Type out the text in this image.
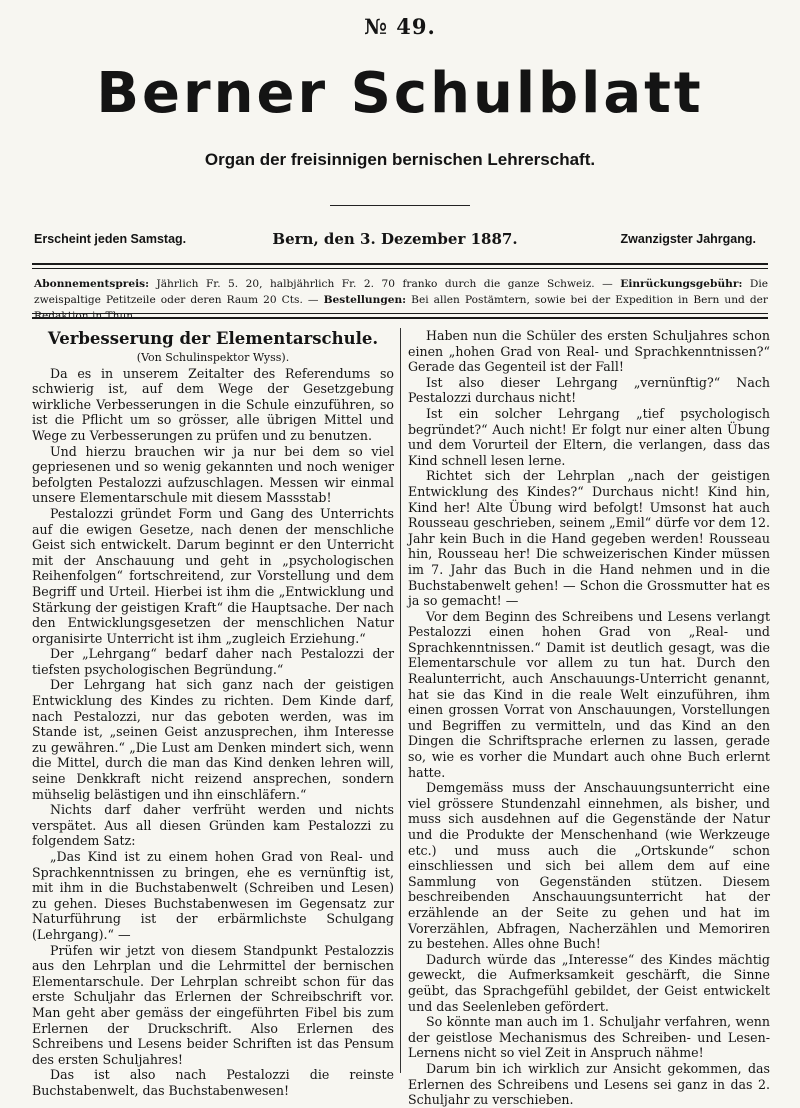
№ 49.
Berner Schulblatt
Organ der freisinnigen bernischen Lehrerschaft.
Erscheint jeden Samstag.	Bern, den 3. Dezember 1887.	Zwanzigster Jahrgang.
Abonnementspreis: Jährlich Fr. 5. 20, halbjährlich Fr. 2. 70 franko durch die ganze Schweiz. — Einrückungsgebühr: Die zweispaltige Petitzeile oder deren Raum 20 Cts. — Bestellungen: Bei allen Postämtern, sowie bei der Expedition in Bern und der Redaktion in Thun

Verbesserung der Elementarschule.

(Von Schulinspektor Wyss).

Da es in unserem Zeitalter des Referendums so schwierig ist, auf dem Wege der Gesetzgebung wirkliche Verbesserungen in die Schule einzuführen, so ist die Pflicht um so grösser, alle übrigen Mittel und Wege zu Verbesserungen zu prüfen und zu benutzen.

Und hierzu brauchen wir ja nur bei dem so viel gepriesenen und so wenig gekannten und noch weniger befolgten Pestalozzi aufzuschlagen. Messen wir einmal unsere Elementarschule mit diesem Massstab!

Pestalozzi gründet Form und Gang des Unterrichts auf die ewigen Gesetze, nach denen der menschliche Geist sich entwickelt. Darum beginnt er den Unterricht mit der Anschauung und geht in „psychologischen Reihenfolgen“ fortschreitend, zur Vorstellung und dem Begriff und Urteil. Hierbei ist ihm die „Entwicklung und Stärkung der geistigen Kraft“ die Hauptsache. Der nach den Entwicklungsgesetzen der menschlichen Natur organisirte Unterricht ist ihm „zugleich Erziehung.“

Der „Lehrgang“ bedarf daher nach Pestalozzi der tiefsten psychologischen Begründung.“

Der Lehrgang hat sich ganz nach der geistigen Entwicklung des Kindes zu richten. Dem Kinde darf, nach Pestalozzi, nur das geboten werden, was im Stande ist, „seinen Geist anzusprechen, ihm Interesse zu gewähren.“ „Die Lust am Denken mindert sich, wenn die Mittel, durch die man das Kind denken lehren will, seine Denkkraft nicht reizend ansprechen, sondern mühselig belästigen und ihn einschläfern.“

Nichts darf daher verfrüht werden und nichts verspätet. Aus all diesen Gründen kam Pestalozzi zu folgendem Satz:

„Das Kind ist zu einem hohen Grad von Real- und Sprachkenntnissen zu bringen, ehe es vernünftig ist, mit ihm in die Buchstabenwelt (Schreiben und Lesen) zu gehen. Dieses Buchstabenwesen im Gegensatz zur Naturführung ist der erbärmlichste Schulgang (Lehrgang).“ —

Prüfen wir jetzt von diesem Standpunkt Pestalozzis aus den Lehrplan und die Lehrmittel der bernischen Elementarschule. Der Lehrplan schreibt schon für das erste Schuljahr das Erlernen der Schreibschrift vor. Man geht aber gemäss der eingeführten Fibel bis zum Erlernen der Druckschrift. Also Erlernen des Schreibens und Lesens beider Schriften ist das Pensum des ersten Schuljahres!

Das ist also nach Pestalozzi die reinste Buchstabenwelt, das Buchstabenwesen!

Haben nun die Schüler des ersten Schuljahres schon einen „hohen Grad von Real- und Sprachkenntnissen?“ Gerade das Gegenteil ist der Fall!

Ist also dieser Lehrgang „vernünftig?“ Nach Pestalozzi durchaus nicht!

Ist ein solcher Lehrgang „tief psychologisch begründet?“ Auch nicht! Er folgt nur einer alten Übung und dem Vorurteil der Eltern, die verlangen, dass das Kind schnell lesen lerne.

Richtet sich der Lehrplan „nach der geistigen Entwicklung des Kindes?“ Durchaus nicht! Kind hin, Kind her! Alte Übung wird befolgt! Umsonst hat auch Rousseau geschrieben, seinem „Emil“ dürfe vor dem 12. Jahr kein Buch in die Hand gegeben werden! Rousseau hin, Rousseau her! Die schweizerischen Kinder müssen im 7. Jahr das Buch in die Hand nehmen und in die Buchstabenwelt gehen! — Schon die Grossmutter hat es ja so gemacht! —

Vor dem Beginn des Schreibens und Lesens verlangt Pestalozzi einen hohen Grad von „Real- und Sprachkenntnissen.“ Damit ist deutlich gesagt, was die Elementarschule vor allem zu tun hat. Durch den Realunterricht, auch Anschauungs-Unterricht genannt, hat sie das Kind in die reale Welt einzuführen, ihm einen grossen Vorrat von Anschauungen, Vorstellungen und Begriffen zu vermitteln, und das Kind an den Dingen die Schriftsprache erlernen zu lassen, gerade so, wie es vorher die Mundart auch ohne Buch erlernt hatte.

Demgemäss muss der Anschauungsunterricht eine viel grössere Stundenzahl einnehmen, als bisher, und muss sich ausdehnen auf die Gegenstände der Natur und die Produkte der Menschenhand (wie Werkzeuge etc.) und muss auch die „Ortskunde“ schon einschliessen und sich bei allem dem auf eine Sammlung von Gegenständen stützen. Diesem beschreibenden Anschauungsunterricht hat der erzählende an der Seite zu gehen und hat im Vorerzählen, Abfragen, Nacherzählen und Memoriren zu bestehen. Alles ohne Buch!

Dadurch würde das „Interesse“ des Kindes mächtig geweckt, die Aufmerksamkeit geschärft, die Sinne geübt, das Sprachgefühl gebildet, der Geist entwickelt und das Seelenleben gefördert.

So könnte man auch im 1. Schuljahr verfahren, wenn der geistlose Mechanismus des Schreiben- und Lesen-Lernens nicht so viel Zeit in Anspruch nähme!

Darum bin ich wirklich zur Ansicht gekommen, das Erlernen des Schreibens und Lesens sei ganz in das 2. Schuljahr zu verschieben.
